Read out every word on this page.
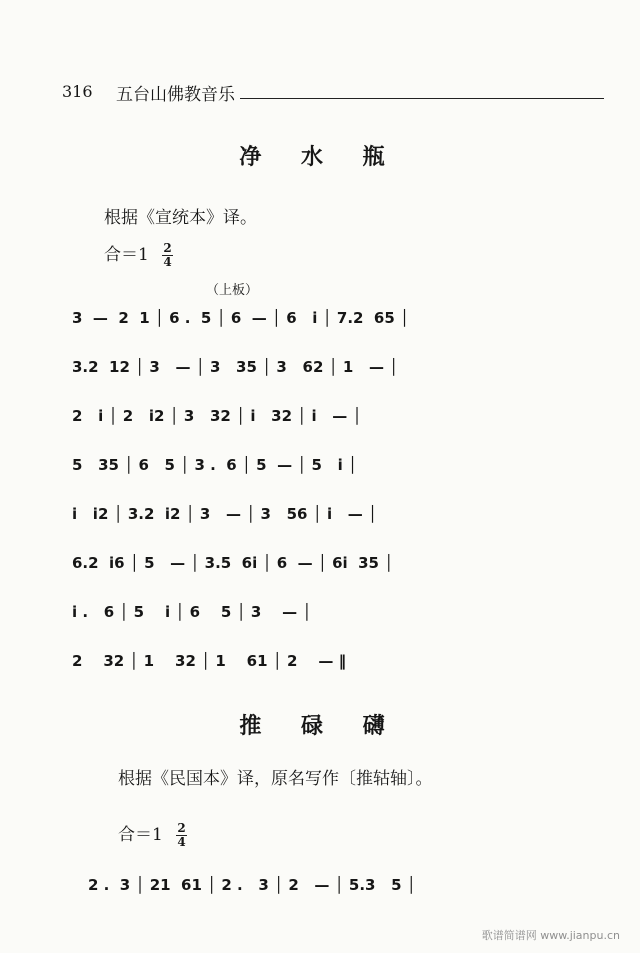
316 五台山佛教音乐
净 水 瓶
根据《宣统本》译。
合$=1 \frac{2}{4}$
（上板）
3  —  2  1 │ 6 .  5 │ 6  — │ 6   i │ 7.2  65 │
3.2  12 │ 3   — │ 3   35 │ 3   62 │ 1   — │
2   i │ 2   i2 │ 3   32 │ i   32 │ i   — │
5   35 │ 6   5 │ 3 .  6 │ 5  — │ 5   i │
i   i2 │ 3.2  i2 │ 3   — │ 3   56 │ i   — │
6.2  i6 │ 5   — │ 3.5  6i │ 6  — │ 6i  35 │
i .   6 │ 5    i │ 6    5 │ 3    — │
2    32 │ 1    32 │ 1    61 │ 2    — ‖
推 碌 礴
根据《民国本》译，原名写作〔推轱轴〕。
合$=1 \frac{2}{4}$
2 .  3 │ 21  61 │ 2 .   3 │ 2   — │ 5.3   5 │
歌谱简谱网 www.jianpu.cn
